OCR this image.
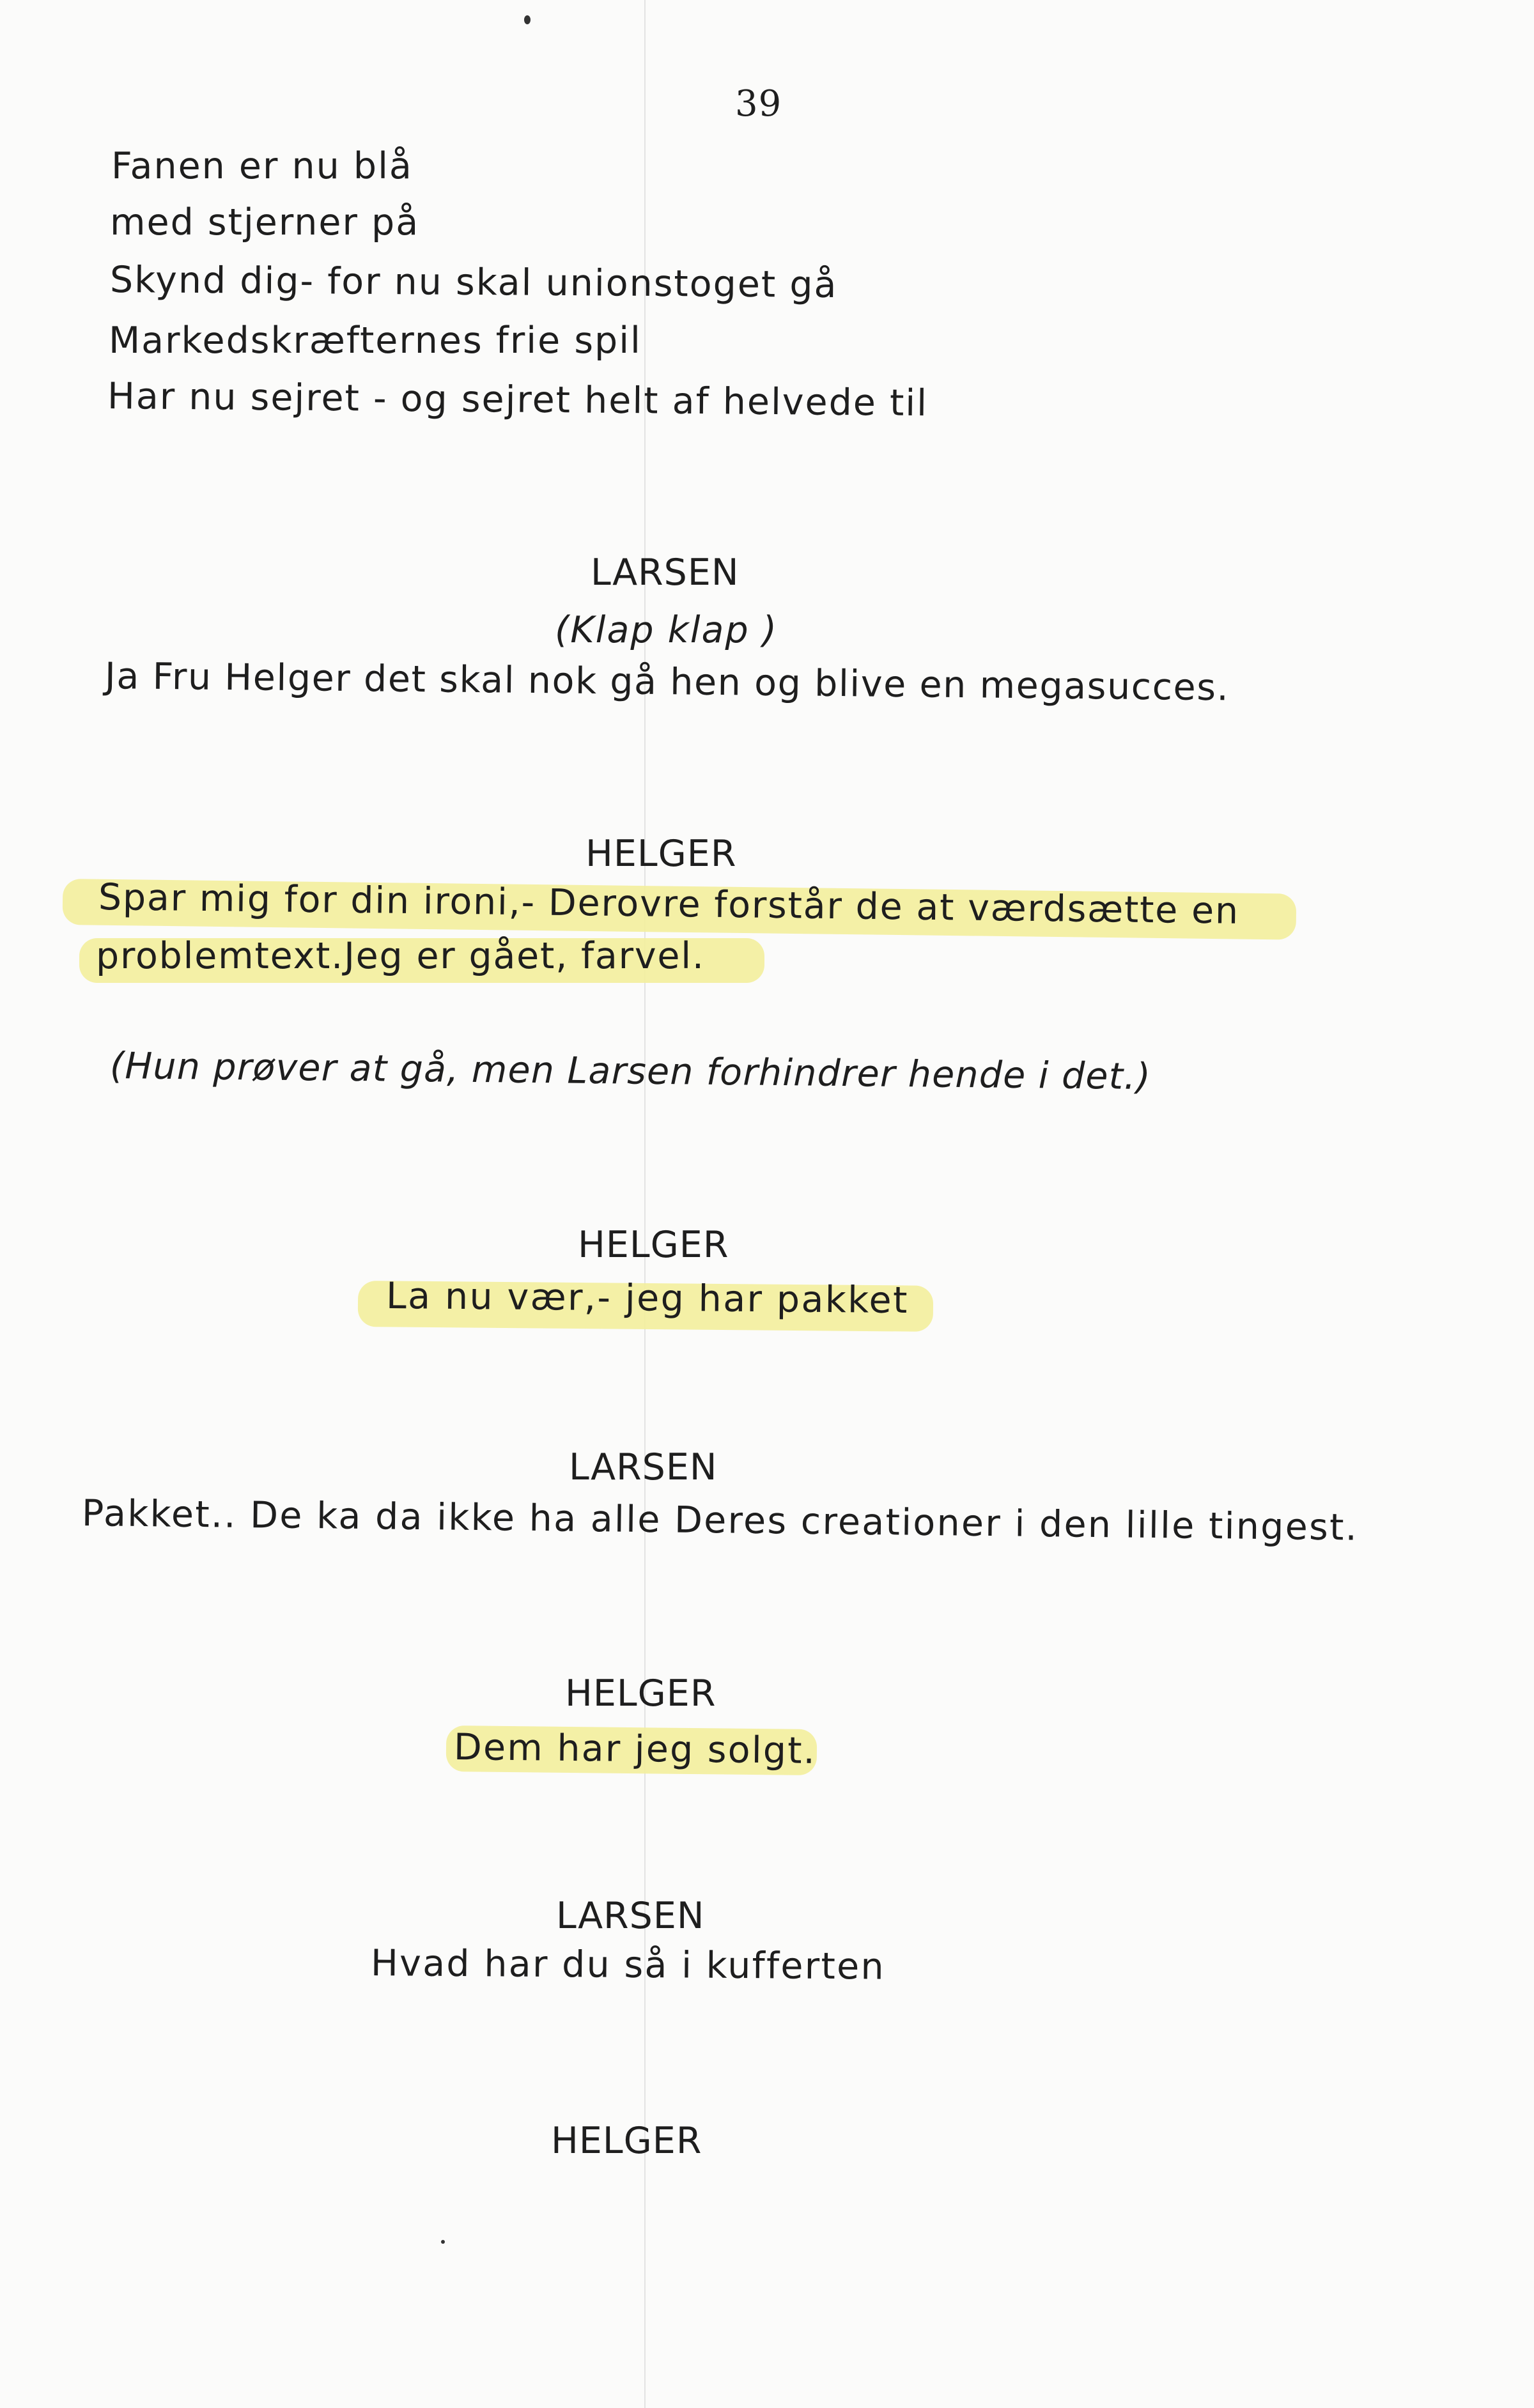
39
Fanen er nu blå
med stjerner på
Skynd dig- for nu skal unionstoget gå
Markedskræfternes frie spil
Har nu sejret - og sejret helt af helvede til
LARSEN
(Klap klap )
Ja Fru Helger det skal nok gå hen og blive en megasucces.
HELGER
Spar mig for din ironi,- Derovre forstår de at værdsætte en
problemtext.Jeg er gået, farvel.
(Hun prøver at gå, men Larsen forhindrer hende i det.)
HELGER
La nu vær,- jeg har pakket
LARSEN
Pakket.. De ka da ikke ha alle Deres creationer i den lille tingest.
HELGER
Dem har jeg solgt.
LARSEN
Hvad har du så i kufferten
HELGER
